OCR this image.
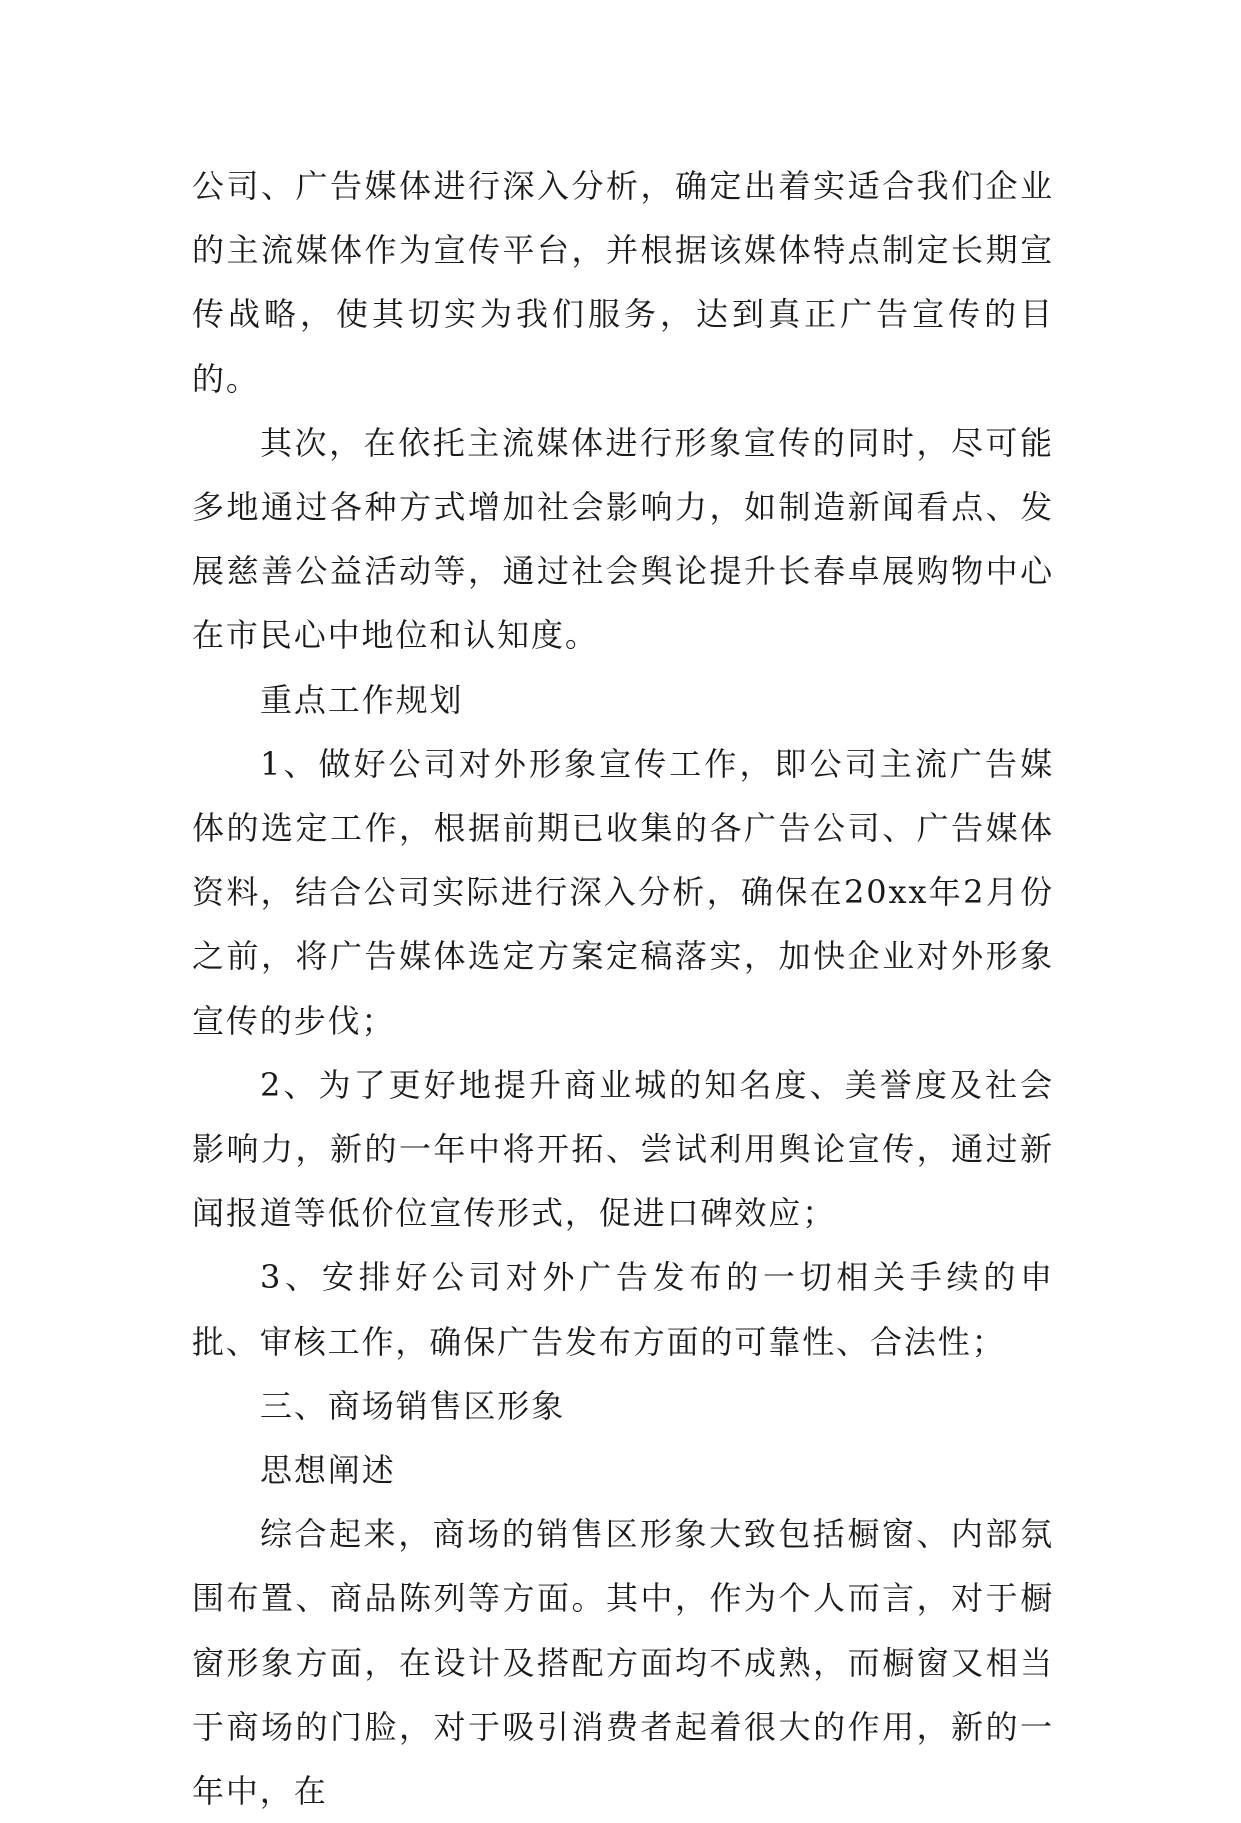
公司、广告媒体进行深入分析，确定出着实适合我们企业的主流媒体作为宣传平台，并根据该媒体特点制定长期宣传战略，使其切实为我们服务，达到真正广告宣传的目的。

其次，在依托主流媒体进行形象宣传的同时，尽可能多地通过各种方式增加社会影响力，如制造新闻看点、发展慈善公益活动等，通过社会舆论提升长春卓展购物中心在市民心中地位和认知度。

重点工作规划

1、做好公司对外形象宣传工作，即公司主流广告媒体的选定工作，根据前期已收集的各广告公司、广告媒体资料，结合公司实际进行深入分析，确保在20xx年2月份之前，将广告媒体选定方案定稿落实，加快企业对外形象宣传的步伐；

2、为了更好地提升商业城的知名度、美誉度及社会影响力，新的一年中将开拓、尝试利用舆论宣传，通过新闻报道等低价位宣传形式，促进口碑效应；

3、安排好公司对外广告发布的一切相关手续的申批、审核工作，确保广告发布方面的可靠性、合法性；

三、商场销售区形象

思想阐述

综合起来，商场的销售区形象大致包括橱窗、内部氛围布置、商品陈列等方面。其中，作为个人而言，对于橱窗形象方面，在设计及搭配方面均不成熟，而橱窗又相当于商场的门脸，对于吸引消费者起着很大的作用，新的一年中，在
